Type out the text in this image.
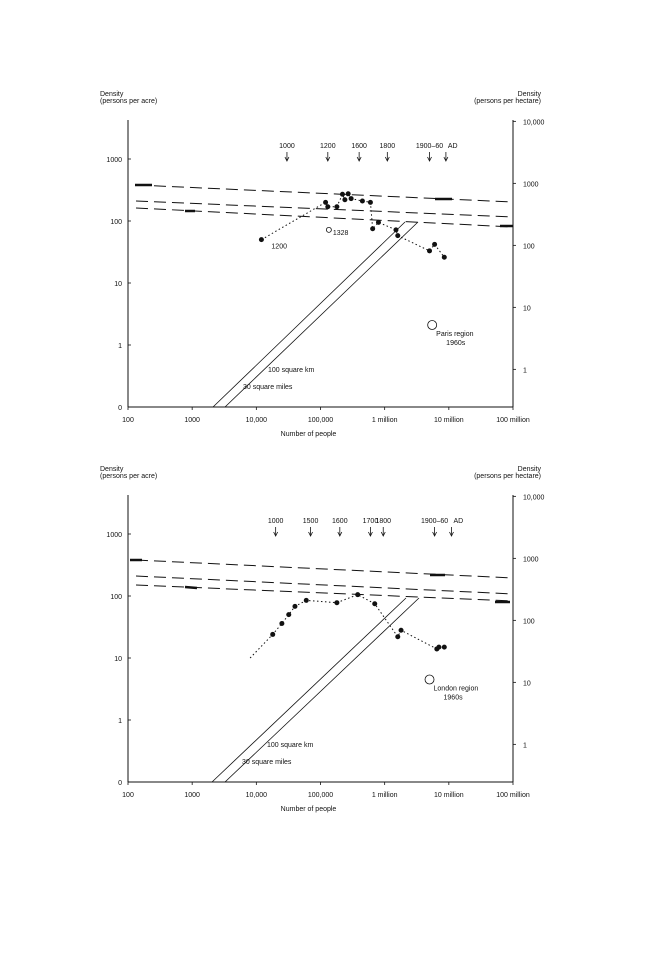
Density
(persons per acre)
Density
(persons per hectare)
100	1000	10,000	100,000	1 million	10 million	100 million
Number of people
0
1
10
100
1000
1
10
100
1000
10,000
1000	1200 1600 1800	1900–60 AD
100 square km
30 square miles
1200
1328
Paris region
1960s
Density
(persons per acre)
Density
(persons per hectare)
100	1000	10,000	100,000	1 million	10 million	100 million
Number of people
0
1
10
100
1000
1
10
100
1000
10,000
1000	1500 1600 1700
1800	1900–60 AD
100 square km
30 square miles
London region
1960s
